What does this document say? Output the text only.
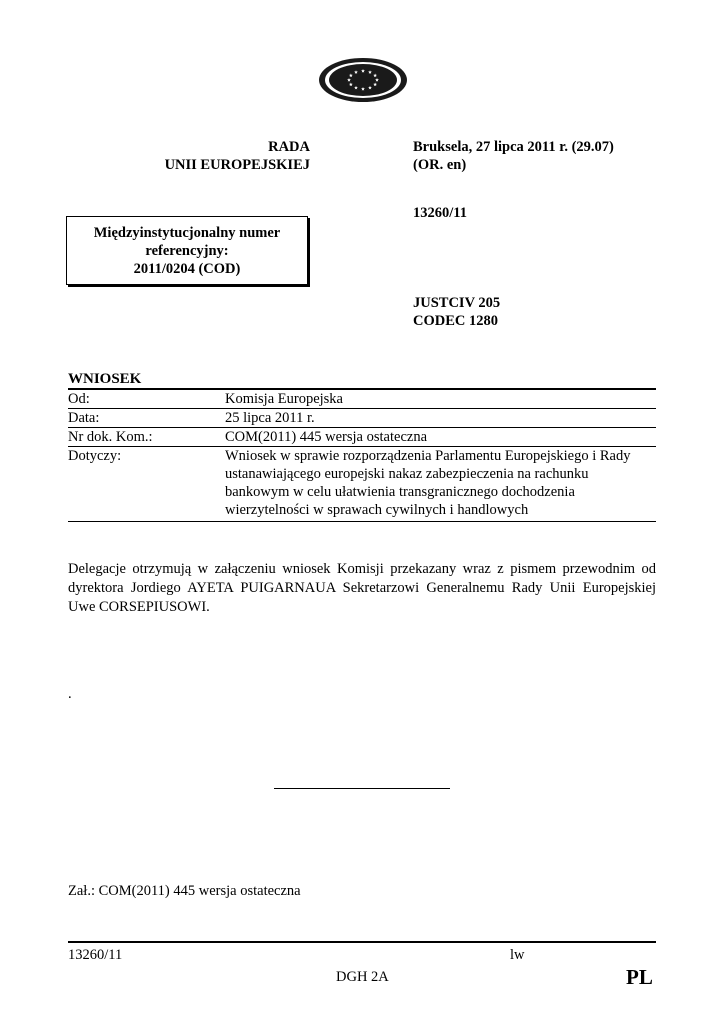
RADA
UNII EUROPEJSKIEJ
Bruksela, 27 lipca 2011 r. (29.07)
(OR. en)
13260/11
JUSTCIV 205
CODEC 1280
Międzyinstytucjonalny numer
referencyjny:
2011/0204 (COD)
WNIOSEK
Od:	Komisja Europejska
Data:	25 lipca 2011 r.
Nr dok. Kom.:	COM(2011) 445 wersja ostateczna
Dotyczy:	Wniosek w sprawie rozporządzenia Parlamentu Europejskiego i Rady
ustanawiającego europejski nakaz zabezpieczenia na rachunku
bankowym w celu ułatwienia transgranicznego dochodzenia
wierzytelności w sprawach cywilnych i handlowych
Delegacje otrzymują w załączeniu wniosek Komisji przekazany wraz z pismem przewodnim od dyrektora Jordiego AYETA PUIGARNAUA Sekretarzowi Generalnemu Rady Unii Europejskiej Uwe CORSEPIUSOWI.
.
Zał.: COM(2011) 445 wersja ostateczna
13260/11	lw
DGH 2A	PL
